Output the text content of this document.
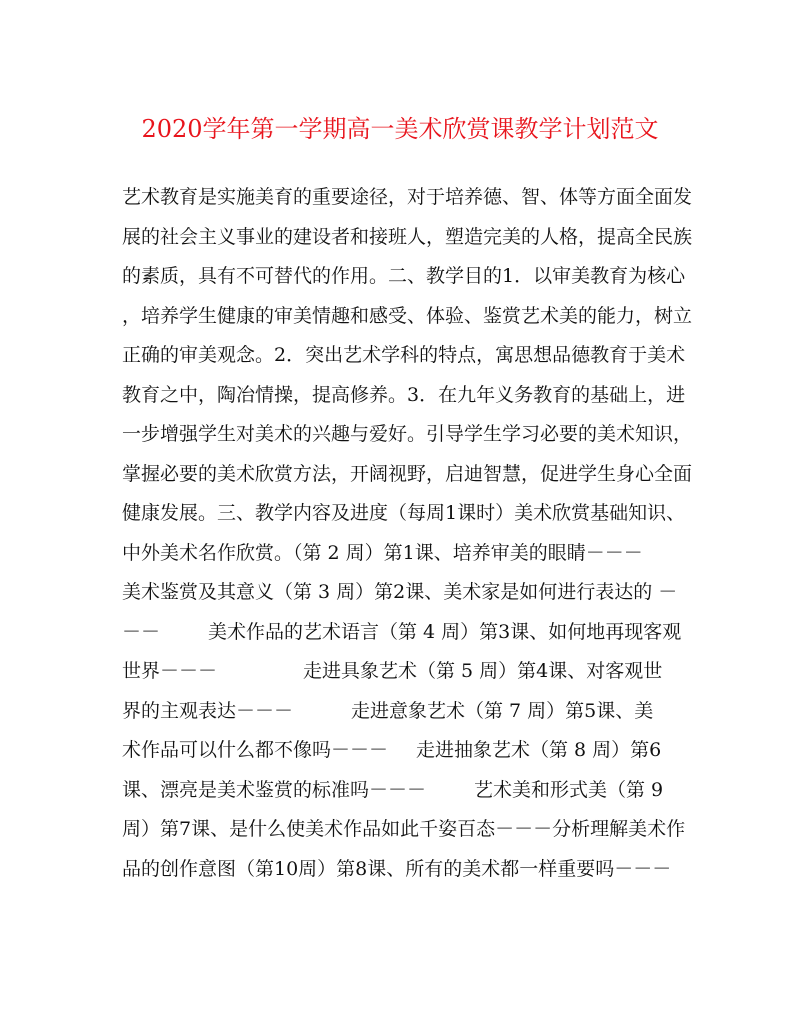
2020学年第一学期高一美术欣赏课教学计划范文
艺术教育是实施美育的重要途径，对于培养德、智、体等方面全面发
展的社会主义事业的建设者和接班人，塑造完美的人格，提高全民族
的素质，具有不可替代的作用。二、教学目的1．以审美教育为核心
，培养学生健康的审美情趣和感受、体验、鉴赏艺术美的能力，树立
正确的审美观念。2．突出艺术学科的特点，寓思想品德教育于美术
教育之中，陶冶情操，提高修养。3．在九年义务教育的基础上，进
一步增强学生对美术的兴趣与爱好。引导学生学习必要的美术知识，
掌握必要的美术欣赏方法，开阔视野，启迪智慧，促进学生身心全面
健康发展。三、教学内容及进度（每周1课时）美术欣赏基础知识、
中外美术名作欣赏。（第 2 周）第1课、培养审美的眼睛－－－
美术鉴赏及其意义（第 3 周）第2课、美术家是如何进行表达的 －
－－	美术作品的艺术语言（第 4 周）第3课、如何地再现客观
世界－－－	走进具象艺术（第 5 周）第4课、对客观世
界的主观表达－－－	走进意象艺术（第 7 周）第5课、美
术作品可以什么都不像吗－－－ 走进抽象艺术（第 8 周）第6
课、漂亮是美术鉴赏的标准吗－－－	艺术美和形式美（第 9
周）第7课、是什么使美术作品如此千姿百态－－－分析理解美术作
品的创作意图（第10周）第8课、所有的美术都一样重要吗－－－
